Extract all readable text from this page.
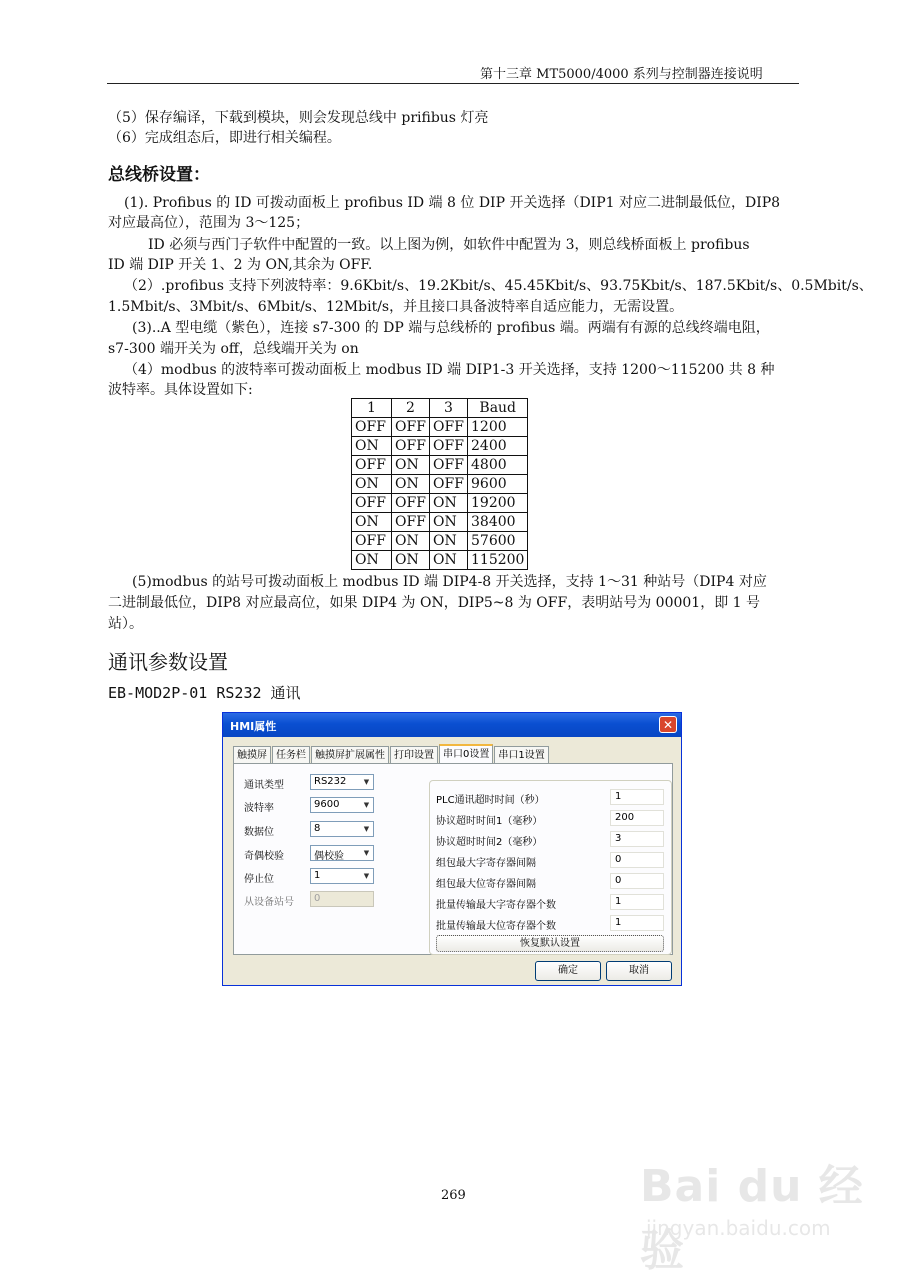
第十三章 MT5000/4000 系列与控制器连接说明
（5）保存编译，下载到模块，则会发现总线中 prifibus 灯亮
（6）完成组态后，即进行相关编程。
总线桥设置：
(1). Profibus 的 ID 可拨动面板上 profibus ID 端 8 位 DIP 开关选择（DIP1 对应二进制最低位，DIP8
对应最高位），范围为 3～125；
ID 必须与西门子软件中配置的一致。以上图为例，如软件中配置为 3，则总线桥面板上 profibus
ID 端 DIP 开关 1、2 为 ON,其余为 OFF.
（2）.profibus 支持下列波特率：9.6Kbit/s、19.2Kbit/s、45.45Kbit/s、93.75Kbit/s、187.5Kbit/s、0.5Mbit/s、
1.5Mbit/s、3Mbit/s、6Mbit/s、12Mbit/s，并且接口具备波特率自适应能力，无需设置。
(3)..A 型电缆（紫色），连接 s7-300 的 DP 端与总线桥的 profibus 端。两端有有源的总线终端电阻，
s7-300 端开关为 off，总线端开关为 on
（4）modbus 的波特率可拨动面板上 modbus ID 端 DIP1-3 开关选择，支持 1200～115200 共 8 种
波特率。具体设置如下:
1	2	3	Baud
OFF	OFF	OFF	1200
ON	OFF	OFF	2400
OFF	ON	OFF	4800
ON	ON	OFF	9600
OFF	OFF	ON	19200
ON	OFF	ON	38400
OFF	ON	ON	57600
ON	ON	ON	115200
(5)modbus 的站号可拨动面板上 modbus ID 端 DIP4-8 开关选择，支持 1～31 种站号（DIP4 对应
二进制最低位，DIP8 对应最高位，如果 DIP4 为 ON，DIP5~8 为 OFF，表明站号为 00001，即 1 号
站）。
通讯参数设置
EB-MOD2P-01 RS232 通讯
HMI属性	✕
触摸屏 任务栏 触摸屏扩展属性 打印设置 串口0设置 串口1设置
通讯类型	RS232	▼
波特率	9600	▼
数据位	8	▼
奇偶校验	偶校验	▼
停止位	1	▼
从设备站号 0
PLC通讯超时时间（秒）	1
协议超时时间1（毫秒）	200
协议超时时间2（毫秒）	3
组包最大字寄存器间隔	0
组包最大位寄存器间隔	0
批量传输最大字寄存器个数	1
批量传输最大位寄存器个数	1
恢复默认设置
确定	取消
269	Bai du 经验
jingyan.baidu.com
